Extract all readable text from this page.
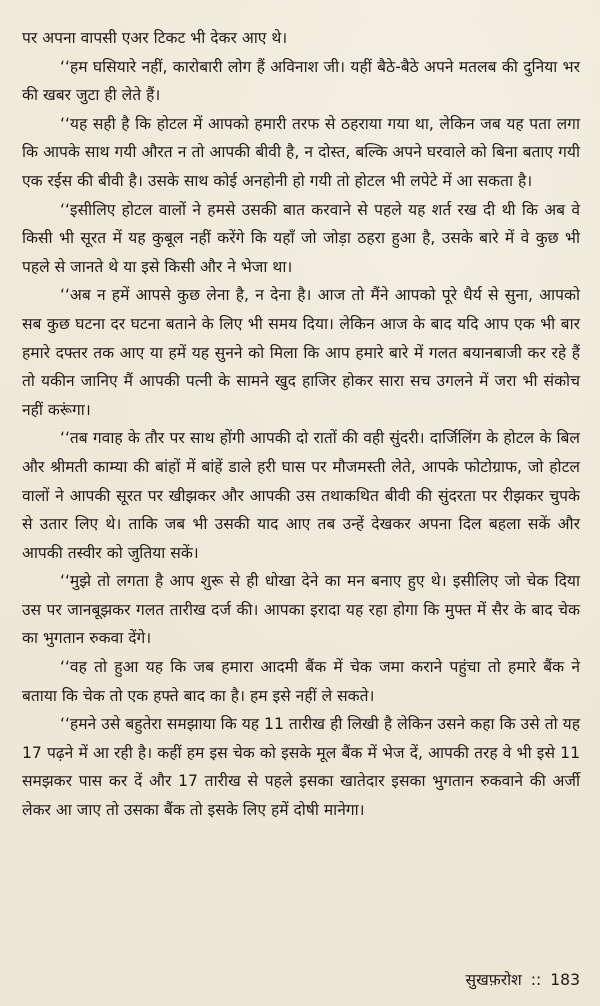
पर अपना वापसी एअर टिकट भी देकर आए थे।

‘‘हम घसियारे नहीं, कारोबारी लोग हैं अविनाश जी। यहीं बैठे-बैठे अपने मतलब की दुनिया भर की खबर जुटा ही लेते हैं।

‘‘यह सही है कि होटल में आपको हमारी तरफ से ठहराया गया था, लेकिन जब यह पता लगा कि आपके साथ गयी औरत न तो आपकी बीवी है, न दोस्त, बल्कि अपने घरवाले को बिना बताए गयी एक रईस की बीवी है। उसके साथ कोई अनहोनी हो गयी तो होटल भी लपेटे में आ सकता है।

‘‘इसीलिए होटल वालों ने हमसे उसकी बात करवाने से पहले यह शर्त रख दी थी कि अब वे किसी भी सूरत में यह कुबूल नहीं करेंगे कि यहाँ जो जोड़ा ठहरा हुआ है, उसके बारे में वे कुछ भी पहले से जानते थे या इसे किसी और ने भेजा था।

‘‘अब न हमें आपसे कुछ लेना है, न देना है। आज तो मैंने आपको पूरे धैर्य से सुना, आपको सब कुछ घटना दर घटना बताने के लिए भी समय दिया। लेकिन आज के बाद यदि आप एक भी बार हमारे दफ्तर तक आए या हमें यह सुनने को मिला कि आप हमारे बारे में गलत बयानबाजी कर रहे हैं तो यकीन जानिए मैं आपकी पत्नी के सामने खुद हाजिर होकर सारा सच उगलने में जरा भी संकोच नहीं करूंगा।

‘‘तब गवाह के तौर पर साथ होंगी आपकी दो रातों की वही सुंदरी। दार्जिलिंग के होटल के बिल और श्रीमती काम्या की बांहों में बांहें डाले हरी घास पर मौजमस्ती लेते, आपके फोटोग्राफ, जो होटल वालों ने आपकी सूरत पर खीझकर और आपकी उस तथाकथित बीवी की सुंदरता पर रीझकर चुपके से उतार लिए थे। ताकि जब भी उसकी याद आए तब उन्हें देखकर अपना दिल बहला सकें और आपकी तस्वीर को जुतिया सकें।

‘‘मुझे तो लगता है आप शुरू से ही धोखा देने का मन बनाए हुए थे। इसीलिए जो चेक दिया उस पर जानबूझकर गलत तारीख दर्ज की। आपका इरादा यह रहा होगा कि मुफ्त में सैर के बाद चेक का भुगतान रुकवा देंगे।

‘‘वह तो हुआ यह कि जब हमारा आदमी बैंक में चेक जमा कराने पहुंचा तो हमारे बैंक ने बताया कि चेक तो एक हफ्ते बाद का है। हम इसे नहीं ले सकते।

‘‘हमने उसे बहुतेरा समझाया कि यह 11 तारीख ही लिखी है लेकिन उसने कहा कि उसे तो यह 17 पढ़ने में आ रही है। कहीं हम इस चेक को इसके मूल बैंक में भेज दें, आपकी तरह वे भी इसे 11 समझकर पास कर दें और 17 तारीख से पहले इसका खातेदार इसका भुगतान रुकवाने की अर्जी लेकर आ जाए तो उसका बैंक तो इसके लिए हमें दोषी मानेगा।

सुखफ़रोश :: 183
